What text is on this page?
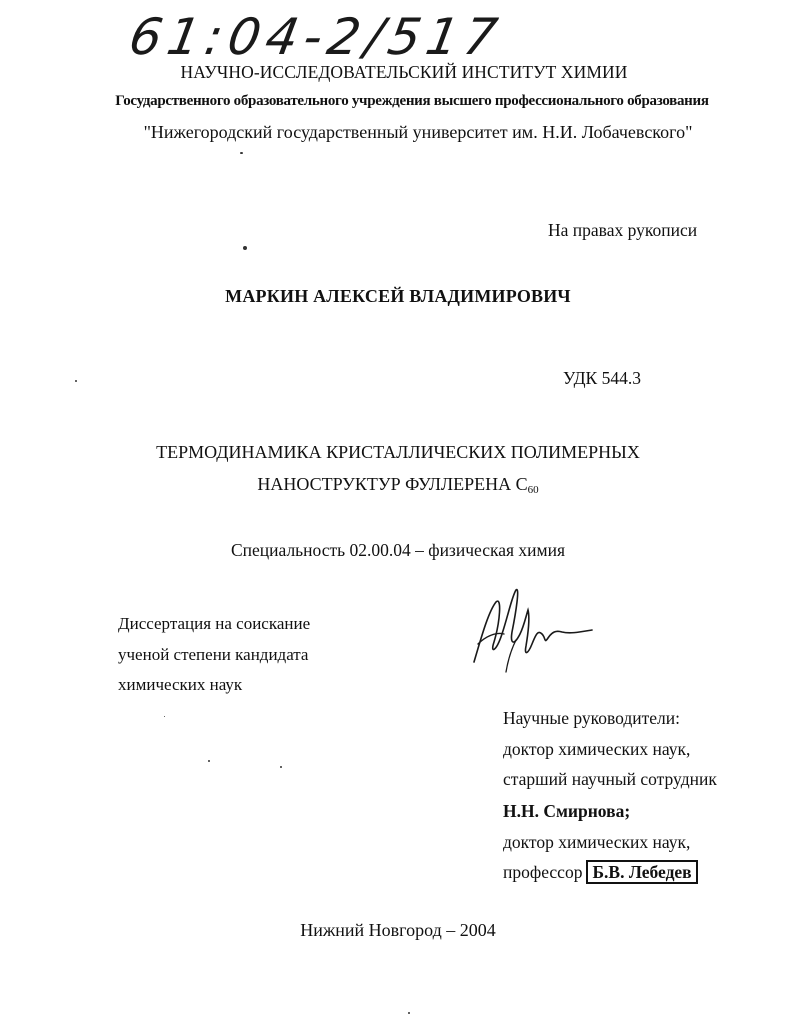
61:04-2/517
НАУЧНО-ИССЛЕДОВАТЕЛЬСКИЙ ИНСТИТУТ ХИМИИ
Государственного образовательного учреждения высшего профессионального образования
"Нижегородский государственный университет им. Н.И. Лобачевского"
На правах рукописи
МАРКИН АЛЕКСЕЙ ВЛАДИМИРОВИЧ
УДК 544.3
ТЕРМОДИНАМИКА КРИСТАЛЛИЧЕСКИХ ПОЛИМЕРНЫХ
НАНОСТРУКТУР ФУЛЛЕРЕНА $С_{60}$
Специальность 02.00.04 – физическая химия
Диссертация на соискание
ученой степени кандидата
химических наук
Научные руководители:
доктор химических наук,
старший научный сотрудник
Н.Н. Смирнова;
доктор химических наук,
профессор Б.В. Лебедев
Нижний Новгород – 2004
